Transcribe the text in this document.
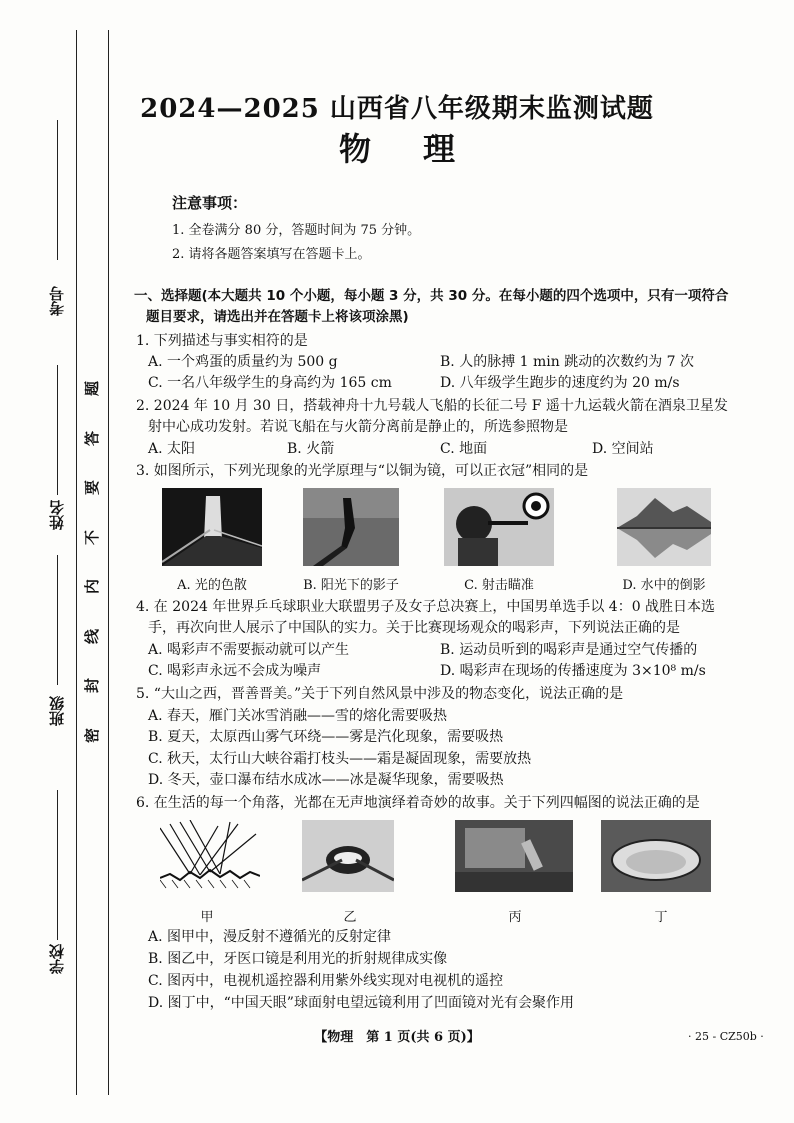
考号
姓名
班级
学校
题
答
要
不
内
线
封
密
2024—2025 山西省八年级期末监测试题
物理
注意事项：
1. 全卷满分 80 分，答题时间为 75 分钟。
2. 请将各题答案填写在答题卡上。
一、选择题(本大题共 10 个小题，每小题 3 分，共 30 分。在每小题的四个选项中，只有一项符合
题目要求，请选出并在答题卡上将该项涂黑)
1. 下列描述与事实相符的是
A. 一个鸡蛋的质量约为 500 g	B. 人的脉搏 1 min 跳动的次数约为 7 次
C. 一名八年级学生的身高约为 165 cm	D. 八年级学生跑步的速度约为 20 m/s
2. 2024 年 10 月 30 日，搭载神舟十九号载人飞船的长征二号 F 遥十九运载火箭在酒泉卫星发
射中心成功发射。若说飞船在与火箭分离前是静止的，所选参照物是
A. 太阳	B. 火箭	C. 地面	D. 空间站
3. 如图所示，下列光现象的光学原理与“以铜为镜，可以正衣冠”相同的是
A. 光的色散	B. 阳光下的影子	C. 射击瞄准	D. 水中的倒影
4. 在 2024 年世界乒乓球职业大联盟男子及女子总决赛上，中国男单选手以 4：0 战胜日本选
手，再次向世人展示了中国队的实力。关于比赛现场观众的喝彩声，下列说法正确的是
A. 喝彩声不需要振动就可以产生	B. 运动员听到的喝彩声是通过空气传播的
C. 喝彩声永远不会成为噪声	D. 喝彩声在现场的传播速度为 3×10⁸ m/s
5. “大山之西，晋善晋美。”关于下列自然风景中涉及的物态变化，说法正确的是
A. 春天，雁门关冰雪消融——雪的熔化需要吸热
B. 夏天，太原西山雾气环绕——雾是汽化现象，需要吸热
C. 秋天，太行山大峡谷霜打枝头——霜是凝固现象，需要放热
D. 冬天，壶口瀑布结水成冰——冰是凝华现象，需要吸热
6. 在生活的每一个角落，光都在无声地演绎着奇妙的故事。关于下列四幅图的说法正确的是
甲	乙	丙	丁
A. 图甲中，漫反射不遵循光的反射定律
B. 图乙中，牙医口镜是利用光的折射规律成实像
C. 图丙中，电视机遥控器利用紫外线实现对电视机的遥控
D. 图丁中，“中国天眼”球面射电望远镜利用了凹面镜对光有会聚作用
【物理　第 1 页(共 6 页)】	· 25 - CZ50b ·
